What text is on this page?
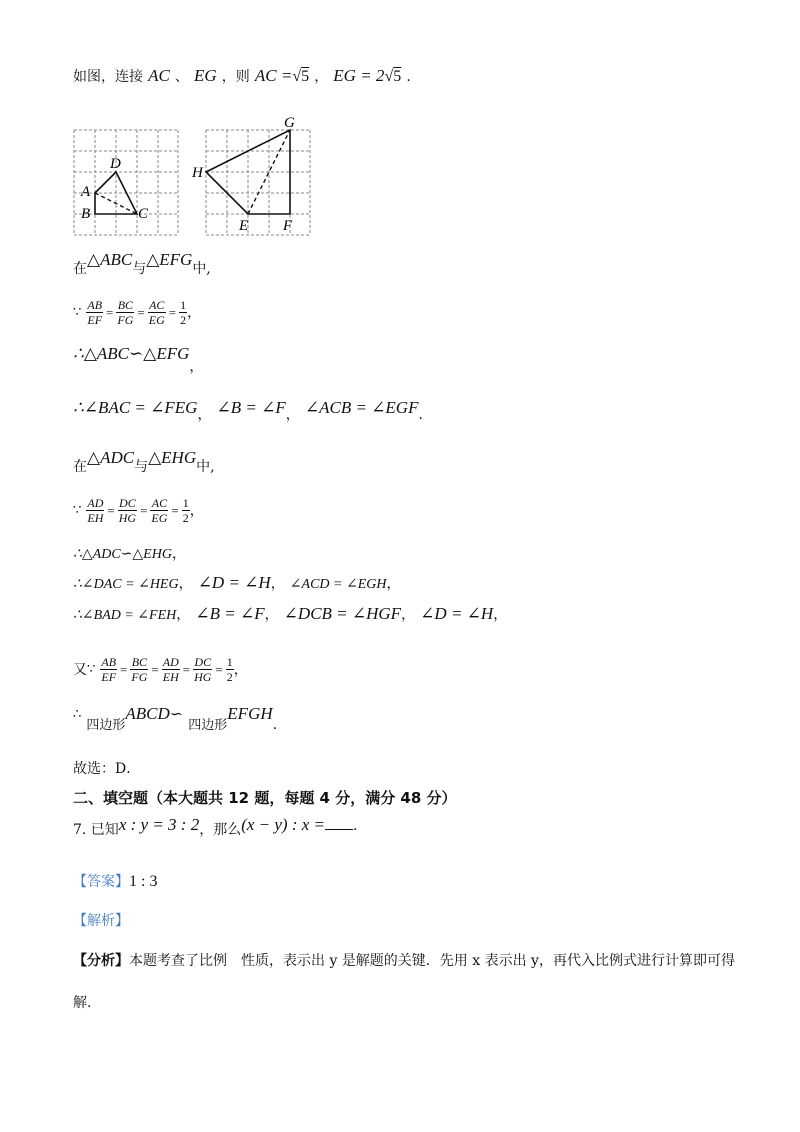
如图，连接 AC 、 EG ，则 AC =√5 ， EG = 2√5 .
D
A
B	C
G
H
E F
在△ABC与△EFG中,
∵ $\frac{AB}{EF} = \frac{BC}{FG} = \frac{AC}{EG} = \frac{1}{2}$ ，
∴△ABC∽△EFG，
∴∠BAC = ∠FEG， ∠B = ∠F， ∠ACB = ∠EGF.
在△ADC与△EHG中,
∵ $\frac{AD}{EH} = \frac{DC}{HG} = \frac{AC}{EG} = \frac{1}{2}$ ，
∴△ADC∽△EHG，
∴∠DAC = ∠HEG， ∠D = ∠H， ∠ACD = ∠EGH，
∴∠BAD = ∠FEH， ∠B = ∠F， ∠DCB = ∠HGF， ∠D = ∠H，
又∵ $\frac{AB}{EF} = \frac{BC}{FG} = \frac{AD}{EH} = \frac{DC}{HG} = \frac{1}{2}$ ，
∴ $_{四边形}$ABCD∽ $_{四边形}$EFGH.
故选：D．
二、填空题（本大题共 12 题，每题 4 分，满分 48 分）
7. 已知x : y = 3 : 2，那么(x − y) : x = .
【答案】1 : 3
【解析】
【分析】本题考查了比例　性质，表示出 y 是解题的关键．先用 x 表示出 y，再代入比例式进行计算即可得
解.
